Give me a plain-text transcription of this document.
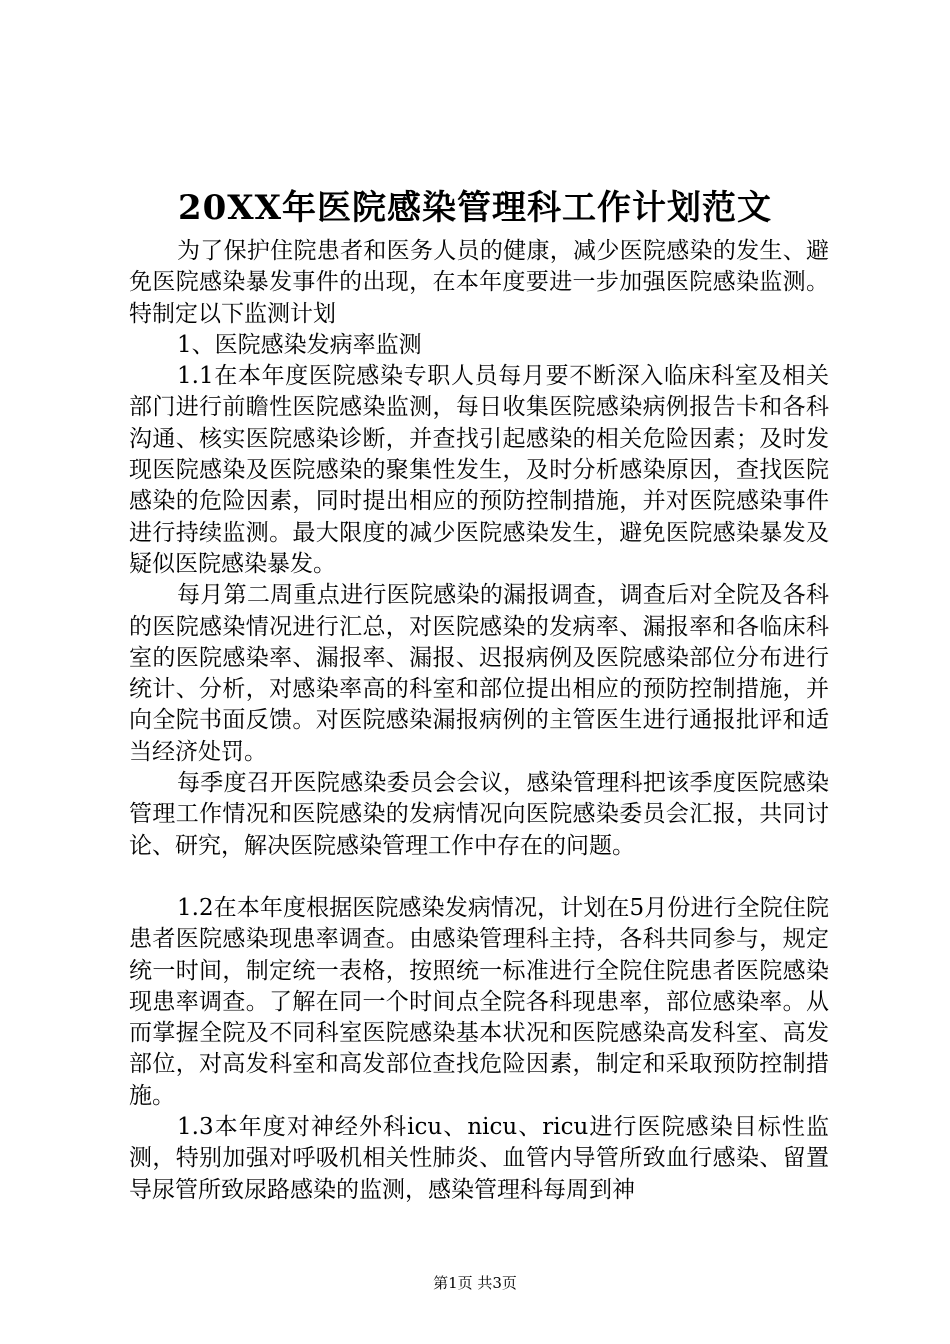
20XX年医院感染管理科工作计划范文

为了保护住院患者和医务人员的健康，减少医院感染的发生、避免医院感染暴发事件的出现，在本年度要进一步加强医院感染监测。特制定以下监测计划

1、医院感染发病率监测

1.1在本年度医院感染专职人员每月要不断深入临床科室及相关部门进行前瞻性医院感染监测，每日收集医院感染病例报告卡和各科沟通、核实医院感染诊断，并查找引起感染的相关危险因素；及时发现医院感染及医院感染的聚集性发生，及时分析感染原因，查找医院感染的危险因素，同时提出相应的预防控制措施，并对医院感染事件进行持续监测。最大限度的减少医院感染发生，避免医院感染暴发及疑似医院感染暴发。

每月第二周重点进行医院感染的漏报调查，调查后对全院及各科的医院感染情况进行汇总，对医院感染的发病率、漏报率和各临床科室的医院感染率、漏报率、漏报、迟报病例及医院感染部位分布进行统计、分析，对感染率高的科室和部位提出相应的预防控制措施，并向全院书面反馈。对医院感染漏报病例的主管医生进行通报批评和适当经济处罚。

每季度召开医院感染委员会会议，感染管理科把该季度医院感染管理工作情况和医院感染的发病情况向医院感染委员会汇报，共同讨论、研究，解决医院感染管理工作中存在的问题。

1.2在本年度根据医院感染发病情况，计划在5月份进行全院住院患者医院感染现患率调查。由感染管理科主持，各科共同参与，规定统一时间，制定统一表格，按照统一标准进行全院住院患者医院感染现患率调查。了解在同一个时间点全院各科现患率，部位感染率。从而掌握全院及不同科室医院感染基本状况和医院感染高发科室、高发部位，对高发科室和高发部位查找危险因素，制定和采取预防控制措施。

1.3本年度对神经外科icu、nicu、ricu进行医院感染目标性监测，特别加强对呼吸机相关性肺炎、血管内导管所致血行感染、留置导尿管所致尿路感染的监测，感染管理科每周到神

第1页 共3页
